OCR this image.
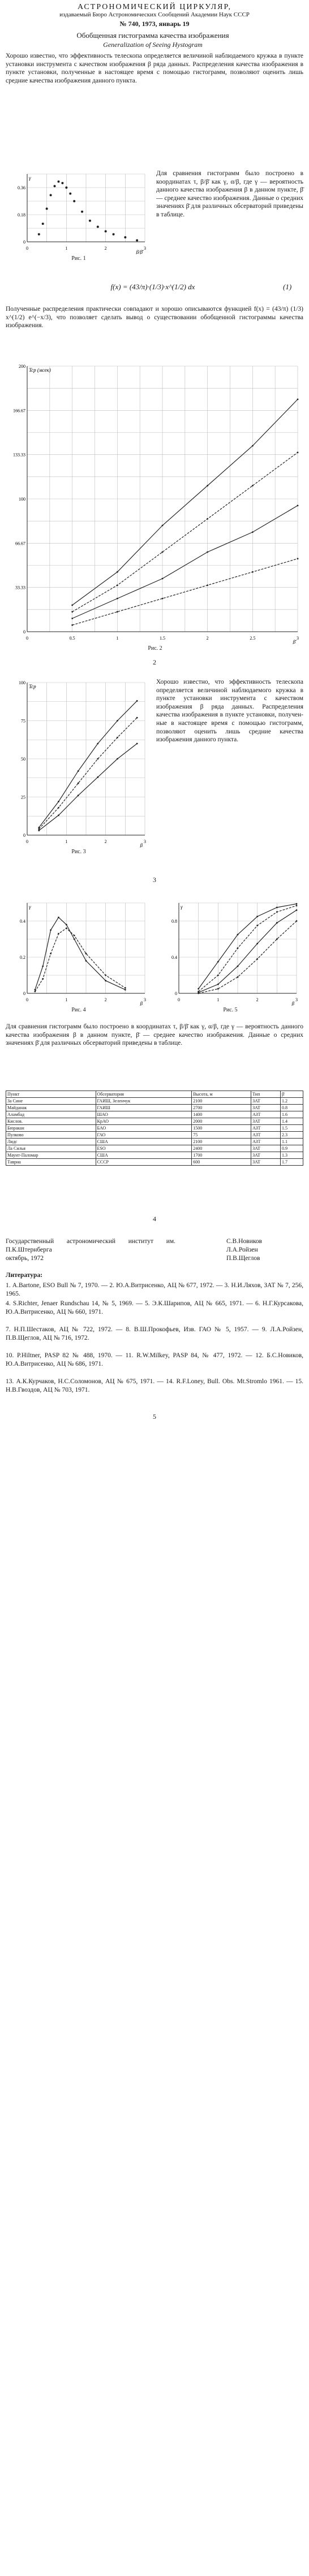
АСТРОНОМИЧЕСКИЙ ЦИРКУЛЯР,
издаваемый Бюро Астрономических Сообщений Академии Наук СССР
№ 740, 1973, январь 19
Обобщенная гистограмма качества изображения
Generalization of Seeing Hystogram
Хорошо известно, что эффективность телескопа определяется величиной наблюдаемого кружка в пункте установки инструмента с качеством изображения β ряда данных. Распределения качества изображения в пункте установки, полученные в настоящее время с помощью гистограмм, позволяют оценить лишь средние качества изображения данного пункта.
0	1	2	3
0
0.18
0.36
β/β̄
γ
Рис. 1
Для сравнения гистограмм было построено в координатах τ, β/β̄ как γ, α/β, где γ — вероятность данного качества изображения β в данном пункте, β̄ — среднее качество изображения. Данные о средних значениях β̄ для различных обсерваторий приведены в таблице.
f(x) = (43/π)·(1/3)·x^(1/2) dx	(1)
Полученные распределения практически совпадают и хорошо описываются функцией f(x) = (43/π) (1/3) x^(1/2) e^(−x/3), что позволяет сделать вывод о существовании обобщенной гистограммы качества изображения.
0	0.5	1	1.5	2	2.5	3
0
33.33
66.67
100
133.33
166.67
200
β̄
Tcp (мсек)
Рис. 2
2
0	1	2	3
0
25
50
75
100
β
Tcp
Рис. 3
Хорошо известно, что эффективность телескопа определяется величиной наблюдаемого кружка в пункте установки инструмента с качеством изображения β ряда данных. Распределения качества изображения в пункте установки, полученные в настоящее время с помощью гистограмм, позволяют оценить лишь средние качества изображения данного пункта.
3
0	1	2	3
0
0.2
0.4
β
γ
Рис. 4
0	1	2	3
0
0.4
0.8
β
γ
Рис. 5
Для сравнения гистограмм было построено в координатах τ, β/β̄ как γ, α/β, где γ — вероятность данного качества изображения β в данном пункте, β̄ — среднее качество изображения. Данные о средних значениях β̄ для различных обсерваторий приведены в таблице.
Пункт	Обсерватория	Высота, м	Тип	β̄
За Сине	ГАИШ, Зеленчук	2100	ЗАТ	1.2
Майданак	ГАИШ	2700	ЗАТ	0.8
Аламбад	ШАО	1400	АЗТ	1.6
Кислов.	КрАО	2000	ЗАТ	1.4
Бюракан	БАО	1500	АЗТ	1.5
Пулково	ГАО	75	АЗТ	2.3
Лидс	США	2100	АЗТ	1.1
Ла Силья	ESO	2400	ЗАТ	0.9
Маунт-Паломар	США	1700	ЗАТ	1.3
Тавриа	СССР	600	ЗАТ	1.7
4
Государственный астрономический институт им. П.К.Штернберга
октябрь, 1972
С.В.Новиков
Л.А.Ройзен
П.В.Щеглов
Литература:
1. А.Bartone, ESO Bull № 7, 1970. — 2. Ю.А.Витрисенко, АЦ № 677, 1972. — 3. Н.И.Ляхов, ЗАТ № 7, 256, 1965.
4. S.Richter, Jenaer Rundschau 14, № 5, 1969. — 5. Э.К.Шарипов, АЦ № 665, 1971. — 6. Н.Г.Курсакова, Ю.А.Витрисенко, АЦ № 660, 1971.
7. Н.П.Шестаков, АЦ № 722, 1972. — 8. В.Ш.Прокофьев, Изв. ГАО № 5, 1957. — 9. Л.А.Ройзен, П.В.Щеглов, АЦ № 716, 1972.
10. P.Hiltner, PASP 82 № 488, 1970. — 11. R.W.Milkey, PASP 84, № 477, 1972. — 12. Б.С.Новиков, Ю.А.Витрисенко, АЦ № 686, 1971.
13. А.К.Курчаков, Н.С.Соломонов, АЦ № 675, 1971. — 14. R.F.Loney, Bull. Obs. Mt.Stromlo 1961. — 15. Н.В.Гвоздов, АЦ № 703, 1971.
5
